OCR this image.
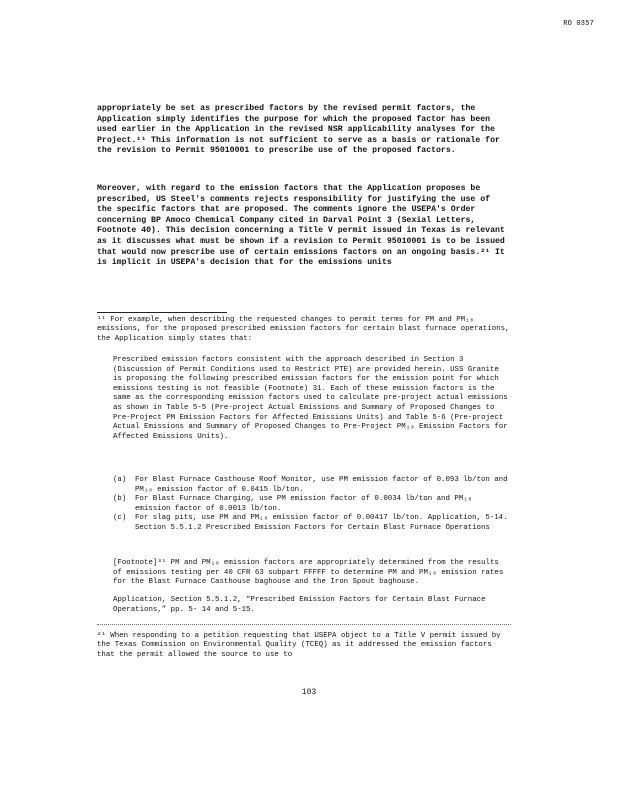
RO 0357

appropriately be set as prescribed factors by the revised permit factors, the Application simply identifies the purpose for which the proposed factor has been used earlier in the Application in the revised NSR applicability analyses for the Project.¹¹ This information is not sufficient to serve as a basis or rationale for the revision to Permit 95010001 to prescribe use of the proposed factors.

Moreover, with regard to the emission factors that the Application proposes be prescribed, US Steel's comments rejects responsibility for justifying the use of the specific factors that are proposed. The comments ignore the USEPA's Order concerning BP Amoco Chemical Company cited in Darval Point 3 (Sexial Letters, Footnote 40). This decision concerning a Title V permit issued in Texas is relevant as it discusses what must be shown if a revision to Permit 95010001 is to be issued that would now prescribe use of certain emissions factors on an ongoing basis.²¹ It is implicit in USEPA's decision that for the emissions units

¹¹ For example, when describing the requested changes to permit terms for PM and PM₁₀ emissions, for the proposed prescribed emission factors for certain blast furnace operations, the Application simply states that:

Prescribed emission factors consistent with the approach described in Section 3 (Discussion of Permit Conditions used to Restrict PTE) are provided herein. USS Granite is proposing the following prescribed emission factors for the emission point for which emissions testing is not feasible (Footnote) 31. Each of these emission factors is the same as the corresponding emission factors used to calculate pre-project actual emissions as shown in Table 5-5 (Pre-project Actual Emissions and Summary of Proposed Changes to Pre-Project PM Emission Factors for Affected Emissions Units) and Table 5-6 (Pre-project Actual Emissions and Summary of Proposed Changes to Pre-Project PM₁₀ Emission Factors for Affected Emissions Units).

(a) For Blast Furnace Casthouse Roof Monitor, use PM emission factor of 0.093 lb/ton and PM₁₀ emission factor of 0.0415 lb/ton.
(b) For Blast Furnace Charging, use PM emission factor of 0.0034 lb/ton and PM₁₀ emission factor of 0.0013 lb/ton.
(c) For slag pits, use PM and PM₁₀ emission factor of 0.00417 lb/ton. Application, 5-14. Section 5.5.1.2 Prescribed Emission Factors for Certain Blast Furnace Operations

[Footnote]³¹ PM and PM₁₀ emission factors are appropriately determined from the results of emissions testing per 40 CFR 63 subpart FFFFF to determine PM and PM₁₀ emission rates for the Blast Furnace Casthouse baghouse and the Iron Spout baghouse.

Application, Section 5.5.1.2, “Prescribed Emission Factors for Certain Blast Furnace Operations,” pp. 5- 14 and 5-15.

²¹ When responding to a petition requesting that USEPA object to a Title V permit issued by the Texas Commission on Environmental Quality (TCEQ) as it addressed the emission factors that the permit allowed the source to use to

103
